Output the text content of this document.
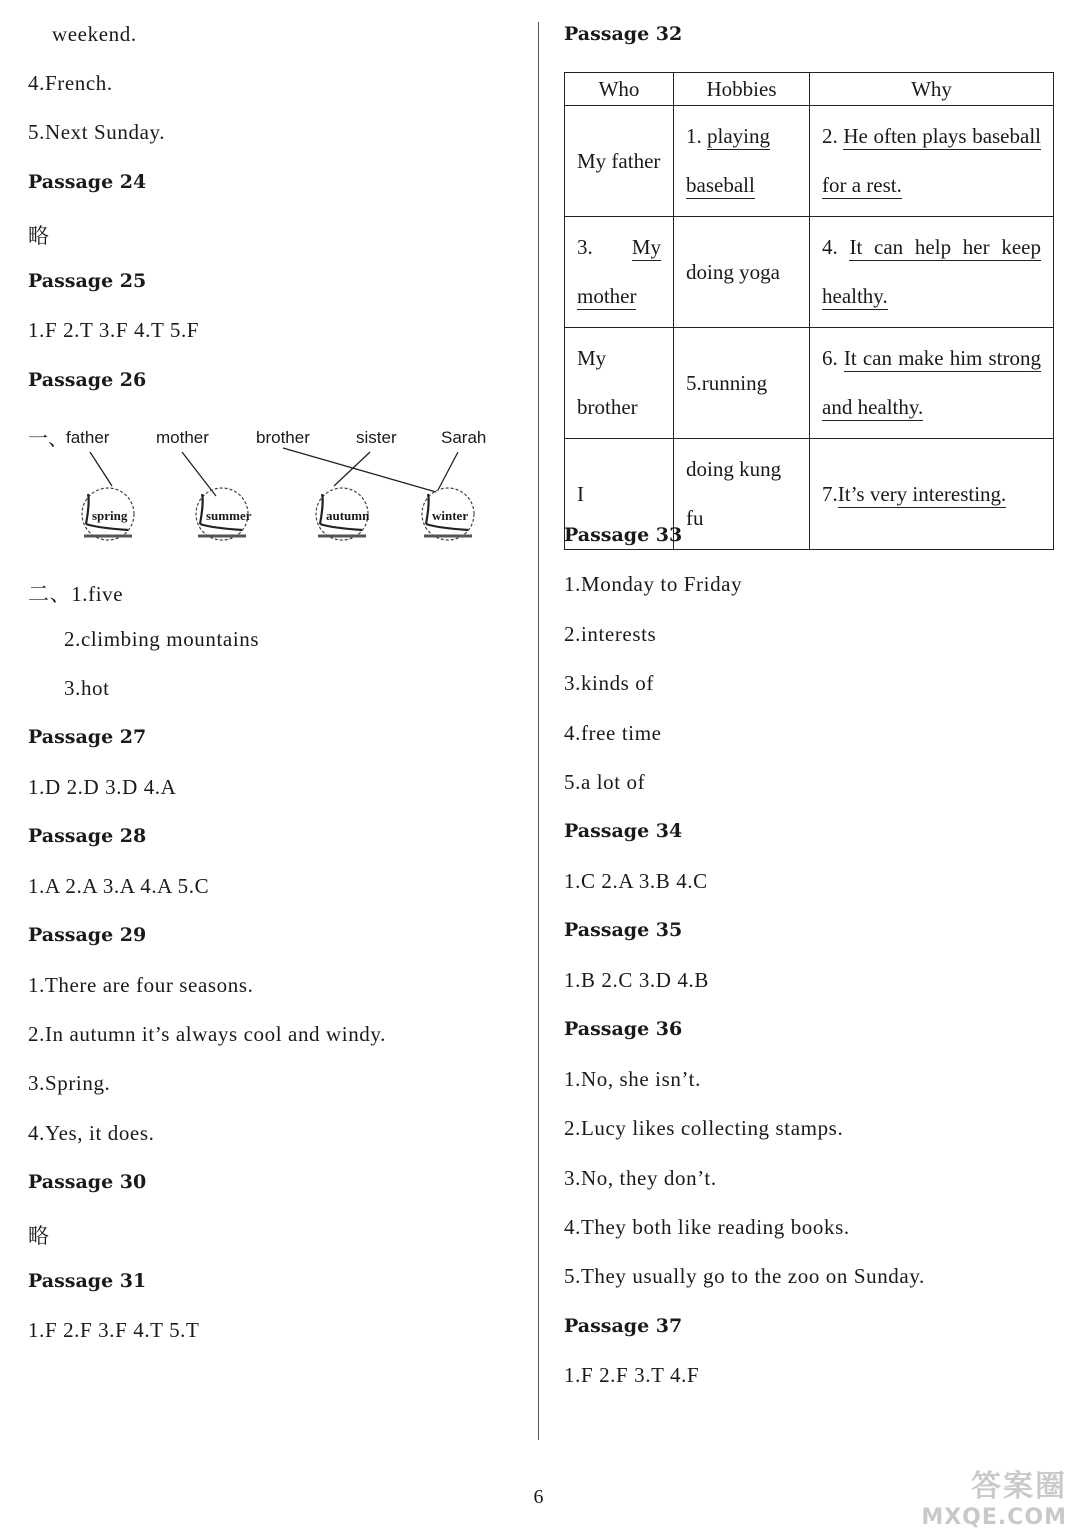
weekend.
4.French.
5.Next Sunday.
Passage 24
略
Passage 25
1.F 2.T 3.F 4.T 5.F
Passage 26
一、
father	mother	brother	sister	Sarah
spring	summer	autumn	winter
二、1.five
2.climbing mountains
3.hot
Passage 27
1.D 2.D 3.D 4.A
Passage 28
1.A 2.A 3.A 4.A 5.C
Passage 29
1.There are four seasons.
2.In autumn it’s always cool and windy.
3.Spring.
4.Yes, it does.
Passage 30
略
Passage 31
1.F 2.F 3.F 4.T 5.T
Passage 32
Who	Hobbies	Why
My father	1. playing baseball	2. He often plays baseball for a rest.
3. My mother	doing yoga	4. It can help her keep healthy.
My brother	5.running	6. It can make him strong and healthy.
I	doing kung fu	7.It’s very interesting.
Passage 33
1.Monday to Friday
2.interests
3.kinds of
4.free time
5.a lot of
Passage 34
1.C 2.A 3.B 4.C
Passage 35
1.B 2.C 3.D 4.B
Passage 36
1.No, she isn’t.
2.Lucy likes collecting stamps.
3.No, they don’t.
4.They both like reading books.
5.They usually go to the zoo on Sunday.
Passage 37
1.F 2.F 3.T 4.F
6	答案圈
MXQE.COM
